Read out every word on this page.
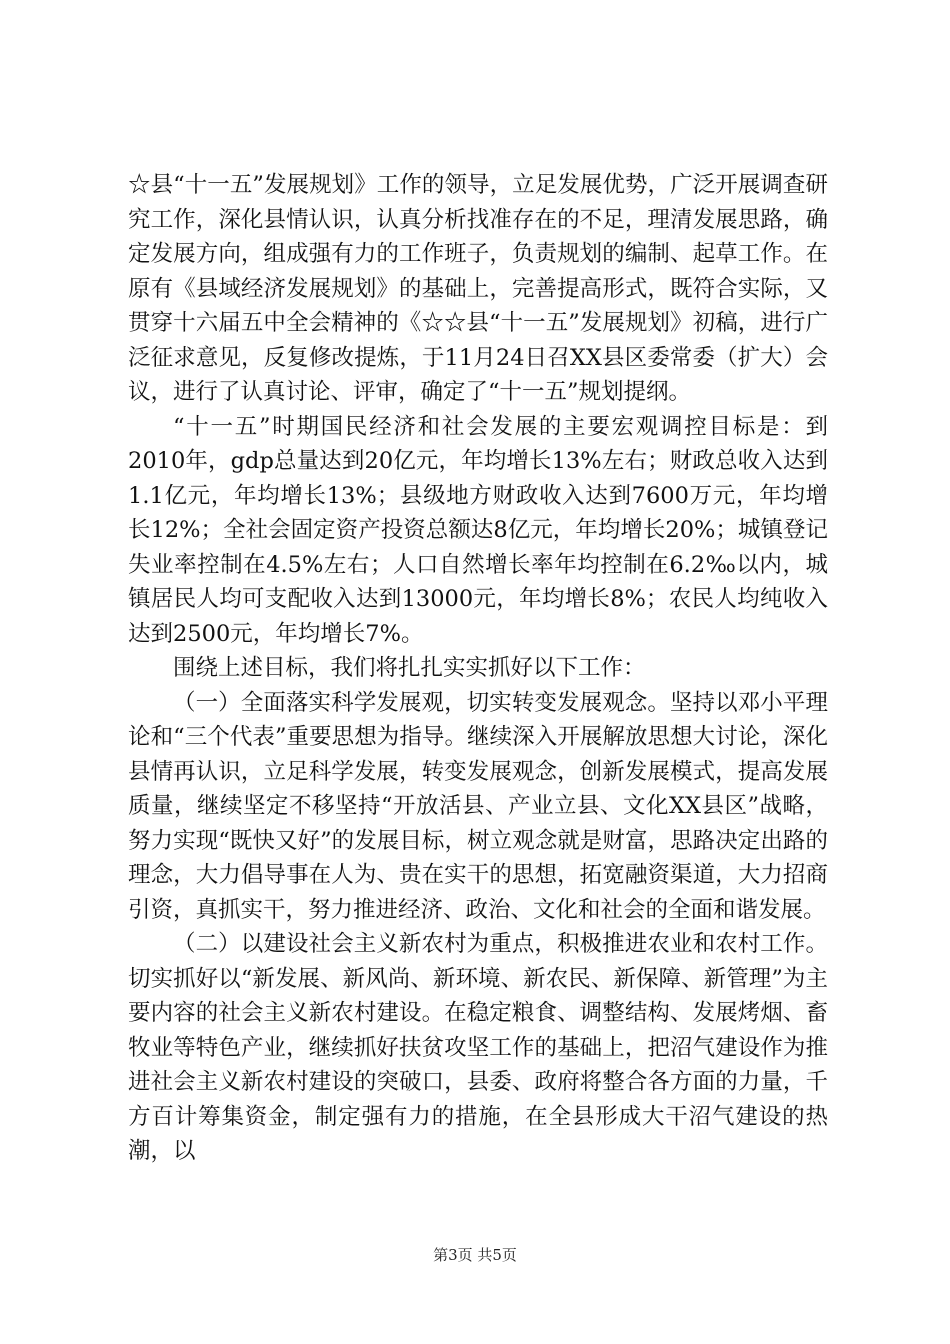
☆县“十一五”发展规划》工作的领导，立足发展优势，广泛开展调查研究工作，深化县情认识，认真分析找准存在的不足，理清发展思路，确定发展方向，组成强有力的工作班子，负责规划的编制、起草工作。在原有《县域经济发展规划》的基础上，完善提高形式，既符合实际，又贯穿十六届五中全会精神的《☆☆县“十一五”发展规划》初稿，进行广泛征求意见，反复修改提炼，于11月24日召XX县区委常委（扩大）会议，进行了认真讨论、评审，确定了“十一五”规划提纲。

“十一五”时期国民经济和社会发展的主要宏观调控目标是：到2010年，gdp总量达到20亿元，年均增长13%左右；财政总收入达到1.1亿元，年均增长13%；县级地方财政收入达到7600万元，年均增长12%；全社会固定资产投资总额达8亿元，年均增长20%；城镇登记失业率控制在4.5%左右；人口自然增长率年均控制在6.2‰以内，城镇居民人均可支配收入达到13000元，年均增长8%；农民人均纯收入达到2500元，年均增长7%。

围绕上述目标，我们将扎扎实实抓好以下工作：

（一）全面落实科学发展观，切实转变发展观念。坚持以邓小平理论和“三个代表”重要思想为指导。继续深入开展解放思想大讨论，深化县情再认识，立足科学发展，转变发展观念，创新发展模式，提高发展质量，继续坚定不移坚持“开放活县、产业立县、文化XX县区”战略，努力实现“既快又好”的发展目标，树立观念就是财富，思路决定出路的理念，大力倡导事在人为、贵在实干的思想，拓宽融资渠道，大力招商引资，真抓实干，努力推进经济、政治、文化和社会的全面和谐发展。

（二）以建设社会主义新农村为重点，积极推进农业和农村工作。切实抓好以“新发展、新风尚、新环境、新农民、新保障、新管理”为主要内容的社会主义新农村建设。在稳定粮食、调整结构、发展烤烟、畜牧业等特色产业，继续抓好扶贫攻坚工作的基础上，把沼气建设作为推进社会主义新农村建设的突破口，县委、政府将整合各方面的力量，千方百计筹集资金，制定强有力的措施，在全县形成大干沼气建设的热潮，以

第3页 共5页
